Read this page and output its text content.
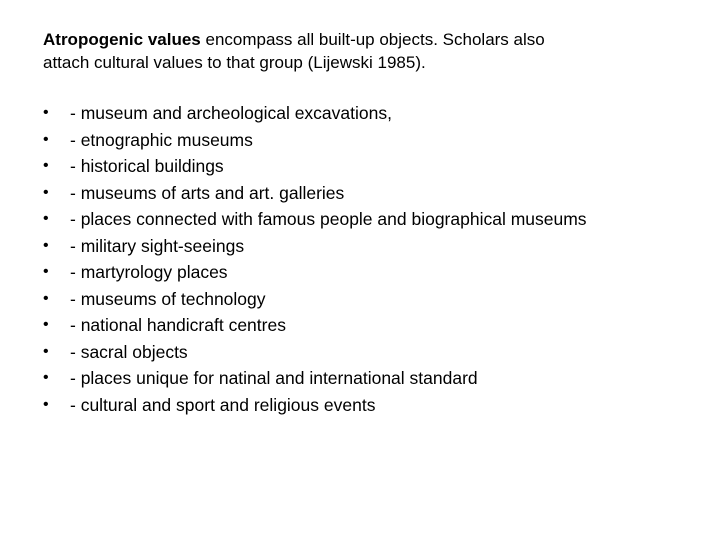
Atropogenic values encompass all built-up objects. Scholars also
attach cultural values to that group (Lijewski 1985).

•	- museum and archeological excavations,
•	- etnographic museums
•	- historical buildings
•	- museums of arts and art. galleries
•	- places connected with famous people and biographical museums
•	- military sight-seeings
•	- martyrology places
•	- museums of technology
•	- national handicraft centres
•	- sacral objects
•	- places unique for natinal and international standard
•	- cultural and sport and religious events
